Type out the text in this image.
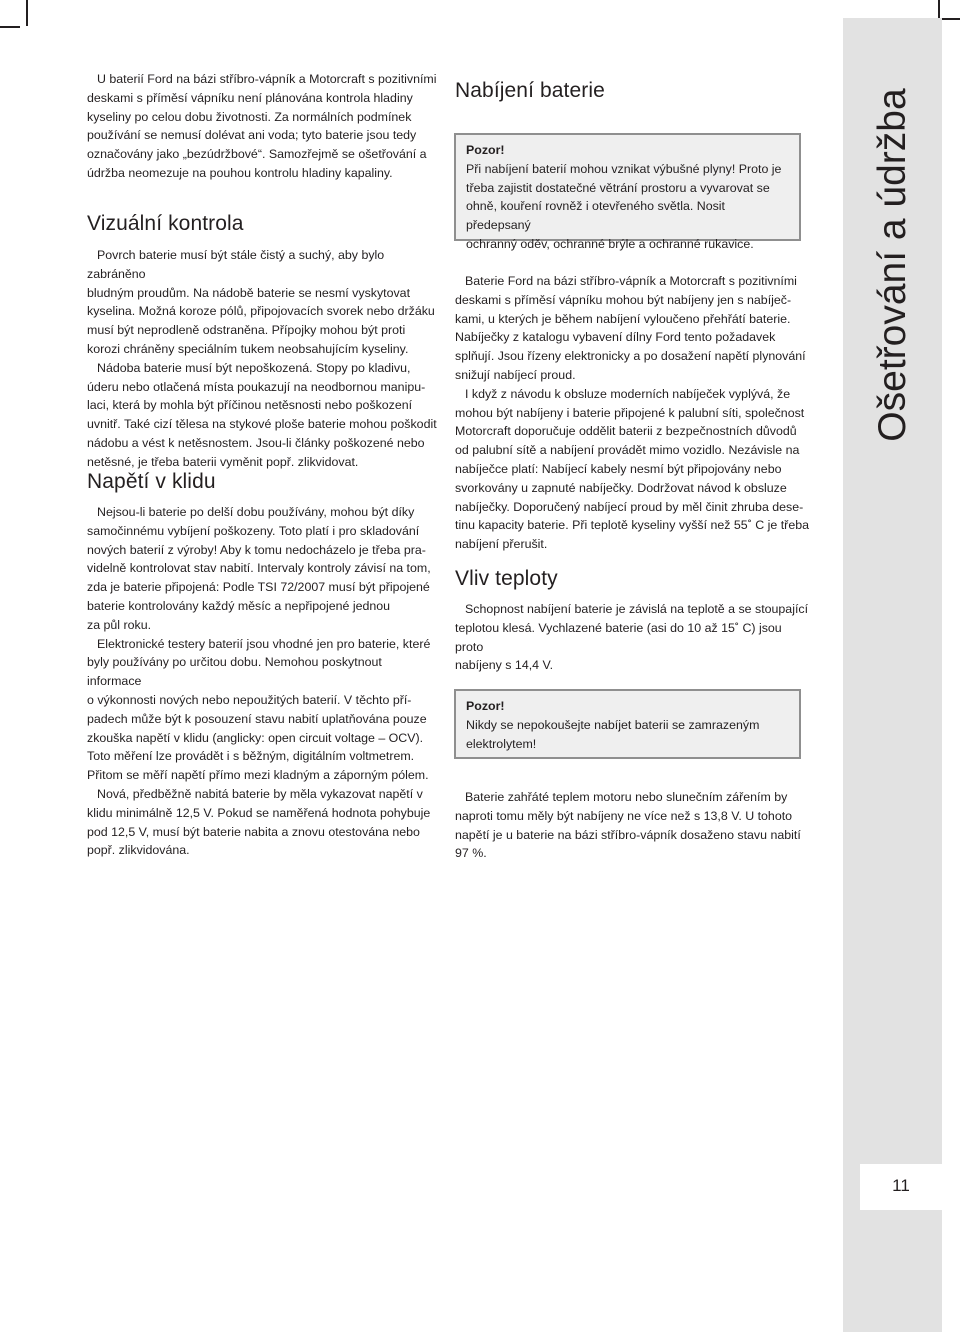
Ošetřování a údržba
11

U baterií Ford na bázi stříbro-vápník a Motorcraft s pozitivními

deskami s příměsí vápníku není plánována kontrola hladiny

kyseliny po celou dobu životnosti. Za normálních podmínek

používání se nemusí dolévat ani voda; tyto baterie jsou tedy

označovány jako „bezúdržbové“. Samozřejmě se ošetřování a

údržba neomezuje na pouhou kontrolu hladiny kapaliny.

Vizuální kontrola

Povrch baterie musí být stále čistý a suchý, aby bylo zabráněno

bludným proudům. Na nádobě baterie se nesmí vyskytovat

kyselina. Možná koroze pólů, připojovacích svorek nebo držáku

musí být neprodleně odstraněna. Přípojky mohou být proti

korozi chráněny speciálním tukem neobsahujícím kyseliny.

Nádoba baterie musí být nepoškozená. Stopy po kladivu,

úderu nebo otlačená místa poukazují na neodbornou manipu-

laci, která by mohla být příčinou netěsnosti nebo poškození

uvnitř. Také cizí tělesa na stykové ploše baterie mohou poškodit

nádobu a vést k netěsnostem. Jsou-li články poškozené nebo

netěsné, je třeba baterii vyměnit popř. zlikvidovat.

Napětí v klidu

Nejsou-li baterie po delší dobu používány, mohou být díky

samočinnému vybíjení poškozeny. Toto platí i pro skladování

nových baterií z výroby! Aby k tomu nedocházelo je třeba pra-

videlně kontrolovat stav nabití. Intervaly kontroly závisí na tom,

zda je baterie připojená: Podle TSI 72/2007 musí být připojené

baterie kontrolovány každý měsíc a nepřipojené jednou

za půl roku.

Elektronické testery baterií jsou vhodné jen pro baterie, které

byly používány po určitou dobu. Nemohou poskytnout informace

o výkonnosti nových nebo nepoužitých baterií. V těchto pří-

padech může být k posouzení stavu nabití uplatňována pouze

zkouška napětí v klidu (anglicky: open circuit voltage – OCV).

Toto měření lze provádět i s běžným, digitálním voltmetrem.

Přitom se měří napětí přímo mezi kladným a záporným pólem.

Nová, předběžně nabitá baterie by měla vykazovat napětí v

klidu minimálně 12,5 V. Pokud se naměřená hodnota pohybuje

pod 12,5 V, musí být baterie nabita a znovu otestována nebo

popř. zlikvidována.

Nabíjení baterie

Pozor!

Při nabíjení baterií mohou vznikat výbušné plyny! Proto je

třeba zajistit dostatečné větrání prostoru a vyvarovat se

ohně, kouření rovněž i otevřeného světla. Nosit předepsaný

ochranný oděv, ochranné brýle a ochranné rukavice.

Baterie Ford na bázi stříbro-vápník a Motorcraft s pozitivními

deskami s příměsí vápníku mohou být nabíjeny jen s nabíječ-

kami, u kterých je během nabíjení vyloučeno přehřátí baterie.

Nabíječky z katalogu vybavení dílny Ford tento požadavek

splňují. Jsou řízeny elektronicky a po dosažení napětí plynování

snižují nabíjecí proud.

I když z návodu k obsluze moderních nabíječek vyplývá, že

mohou být nabíjeny i baterie připojené k palubní síti, společnost

Motorcraft doporučuje oddělit baterii z bezpečnostních důvodů

od palubní sítě a nabíjení provádět mimo vozidlo. Nezávisle na

nabíječce platí: Nabíjecí kabely nesmí být připojovány nebo

svorkovány u zapnuté nabíječky. Dodržovat návod k obsluze

nabíječky. Doporučený nabíjecí proud by měl činit zhruba dese-

tinu kapacity baterie. Při teplotě kyseliny vyšší než 55˚ C je třeba

nabíjení přerušit.

Vliv teploty

Schopnost nabíjení baterie je závislá na teplotě a se stoupající

teplotou klesá. Vychlazené baterie (asi do 10 až 15˚ C) jsou proto

nabíjeny s 14,4 V.

Pozor!

Nikdy se nepokoušejte nabíjet baterii se zamrazeným

elektrolytem!

Baterie zahřáté teplem motoru nebo slunečním zářením by

naproti tomu měly být nabíjeny ne více než s 13,8 V. U tohoto

napětí je u baterie na bázi stříbro-vápník dosaženo stavu nabití

97 %.
